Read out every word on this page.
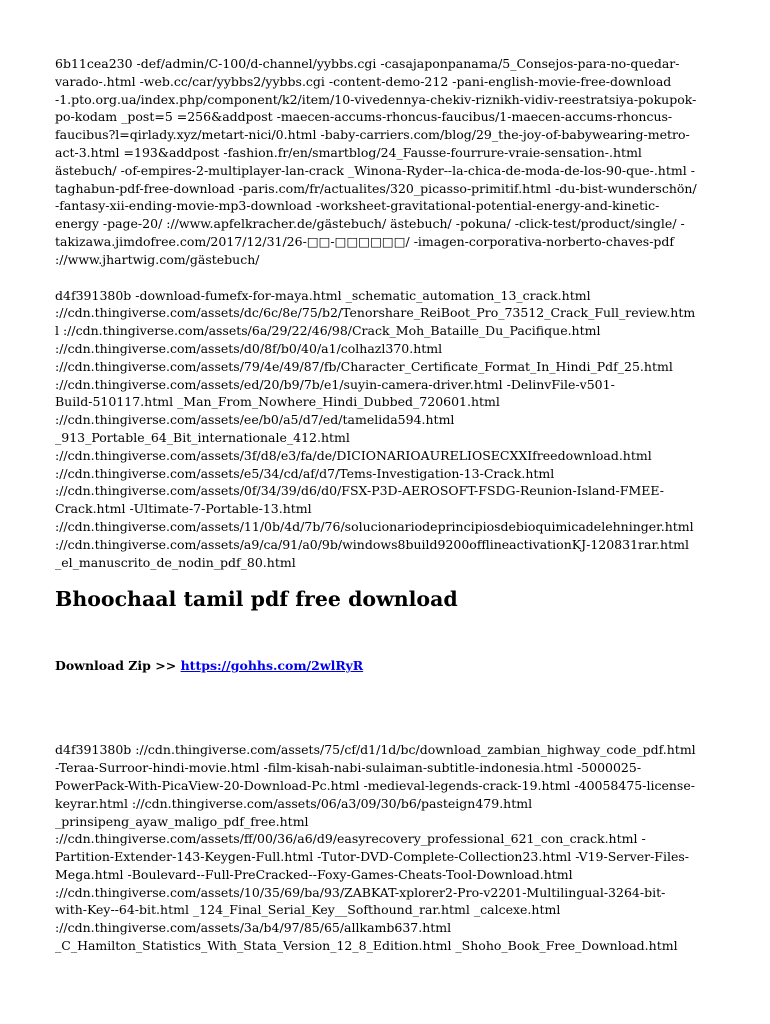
6b11cea230 -def/admin/C-100/d-channel/yybbs.cgi -casajaponpanama/5_Consejos-para-no-quedar-
varado-.html -web.cc/car/yybbs2/yybbs.cgi -content-demo-212 -pani-english-movie-free-download
-1.pto.org.ua/index.php/component/k2/item/10-vivedennya-chekiv-riznikh-vidiv-reestratsiya-pokupok-
po-kodam _post=5 =256&addpost -maecen-accums-rhoncus-faucibus/1-maecen-accums-rhoncus-
faucibus?l=qirlady.xyz/metart-nici/0.html -baby-carriers.com/blog/29_the-joy-of-babywearing-metro-
act-3.html =193&addpost -fashion.fr/en/smartblog/24_Fausse-fourrure-vraie-sensation-.html
ästebuch/ -of-empires-2-multiplayer-lan-crack _Winona-Ryder--la-chica-de-moda-de-los-90-que-.html -
taghabun-pdf-free-download -paris.com/fr/actualites/320_picasso-primitif.html -du-bist-wunderschön/
-fantasy-xii-ending-movie-mp3-download -worksheet-gravitational-potential-energy-and-kinetic-
energy -page-20/ ://www.apfelkracher.de/gästebuch/ ästebuch/ -pokuna/ -click-test/product/single/ -
takizawa.jimdofree.com/2017/12/31/26-□□-□□□□□□/ -imagen-corporativa-norberto-chaves-pdf
://www.jhartwig.com/gästebuch/

d4f391380b -download-fumefx-for-maya.html _schematic_automation_13_crack.html
://cdn.thingiverse.com/assets/dc/6c/8e/75/b2/Tenorshare_ReiBoot_Pro_73512_Crack_Full_review.htm
l ://cdn.thingiverse.com/assets/6a/29/22/46/98/Crack_Moh_Bataille_Du_Pacifique.html
://cdn.thingiverse.com/assets/d0/8f/b0/40/a1/colhazl370.html
://cdn.thingiverse.com/assets/79/4e/49/87/fb/Character_Certificate_Format_In_Hindi_Pdf_25.html
://cdn.thingiverse.com/assets/ed/20/b9/7b/e1/suyin-camera-driver.html -DelinvFile-v501-
Build-510117.html _Man_From_Nowhere_Hindi_Dubbed_720601.html
://cdn.thingiverse.com/assets/ee/b0/a5/d7/ed/tamelida594.html
_913_Portable_64_Bit_internationale_412.html
://cdn.thingiverse.com/assets/3f/d8/e3/fa/de/DICIONARIOAURELIOSECXXIfreedownload.html
://cdn.thingiverse.com/assets/e5/34/cd/af/d7/Tems-Investigation-13-Crack.html
://cdn.thingiverse.com/assets/0f/34/39/d6/d0/FSX-P3D-AEROSOFT-FSDG-Reunion-Island-FMEE-
Crack.html -Ultimate-7-Portable-13.html
://cdn.thingiverse.com/assets/11/0b/4d/7b/76/solucionariodeprincipiosdebioquimicadelehninger.html
://cdn.thingiverse.com/assets/a9/ca/91/a0/9b/windows8build9200offlineactivationKJ-120831rar.html
_el_manuscrito_de_nodin_pdf_80.html

Bhoochaal tamil pdf free download

Download Zip >> https://gohhs.com/2wlRyR

d4f391380b ://cdn.thingiverse.com/assets/75/cf/d1/1d/bc/download_zambian_highway_code_pdf.html
-Teraa-Surroor-hindi-movie.html -film-kisah-nabi-sulaiman-subtitle-indonesia.html -5000025-
PowerPack-With-PicaView-20-Download-Pc.html -medieval-legends-crack-19.html -40058475-license-
keyrar.html ://cdn.thingiverse.com/assets/06/a3/09/30/b6/pasteign479.html
_prinsipeng_ayaw_maligo_pdf_free.html
://cdn.thingiverse.com/assets/ff/00/36/a6/d9/easyrecovery_professional_621_con_crack.html -
Partition-Extender-143-Keygen-Full.html -Tutor-DVD-Complete-Collection23.html -V19-Server-Files-
Mega.html -Boulevard--Full-PreCracked--Foxy-Games-Cheats-Tool-Download.html
://cdn.thingiverse.com/assets/10/35/69/ba/93/ZABKAT-xplorer2-Pro-v2201-Multilingual-3264-bit-
with-Key--64-bit.html _124_Final_Serial_Key__Softhound_rar.html _calcexe.html
://cdn.thingiverse.com/assets/3a/b4/97/85/65/allkamb637.html
_C_Hamilton_Statistics_With_Stata_Version_12_8_Edition.html _Shoho_Book_Free_Download.html
